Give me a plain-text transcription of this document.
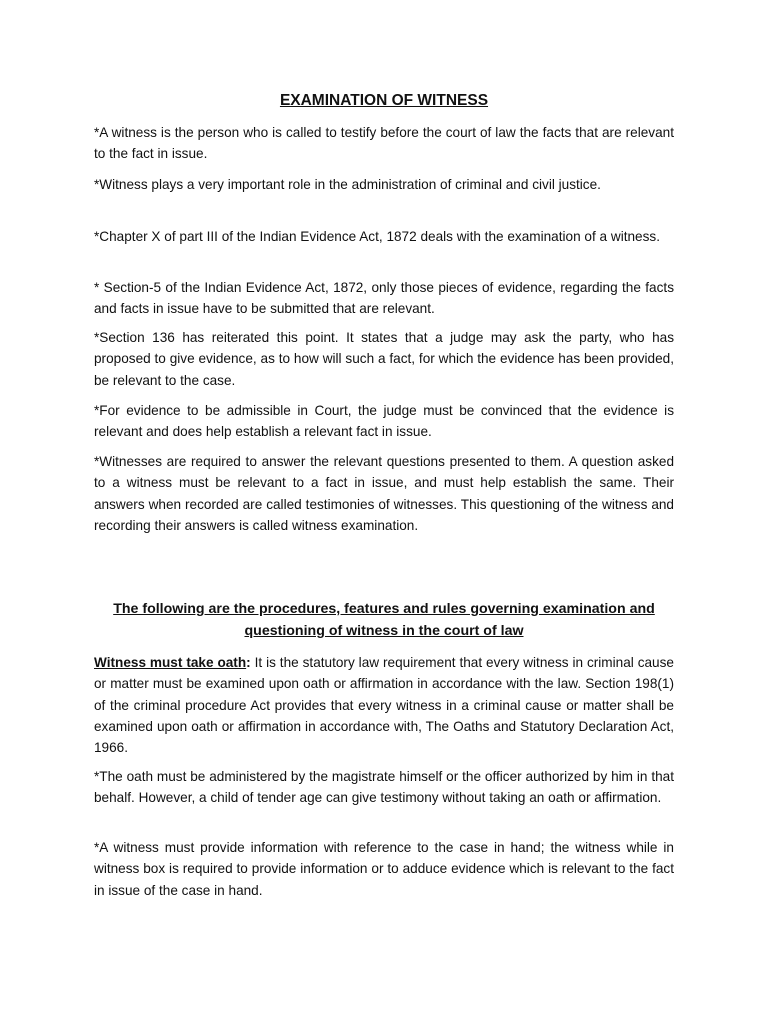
EXAMINATION OF WITNESS

*A witness is the person who is called to testify before the court of law the facts that are relevant to the fact in issue.

*Witness plays a very important role in the administration of criminal and civil justice.

*Chapter X of part III of the Indian Evidence Act, 1872 deals with the examination of a witness.

* Section-5 of the Indian Evidence Act, 1872, only those pieces of evidence, regarding the facts and facts in issue have to be submitted that are relevant.

*Section 136 has reiterated this point. It states that a judge may ask the party, who has proposed to give evidence, as to how will such a fact, for which the evidence has been provided, be relevant to the case.

*For evidence to be admissible in Court, the judge must be convinced that the evidence is relevant and does help establish a relevant fact in issue.

*Witnesses are required to answer the relevant questions presented to them. A question asked to a witness must be relevant to a fact in issue, and must help establish the same. Their answers when recorded are called testimonies of witnesses. This questioning of the witness and recording their answers is called witness examination.

The following are the procedures, features and rules governing examination and questioning of witness in the court of law

Witness must take oath: It is the statutory law requirement that every witness in criminal cause or matter must be examined upon oath or affirmation in accordance with the law. Section 198(1) of the criminal procedure Act provides that every witness in a criminal cause or matter shall be examined upon oath or affirmation in accordance with, The Oaths and Statutory Declaration Act, 1966.

*The oath must be administered by the magistrate himself or the officer authorized by him in that behalf. However, a child of tender age can give testimony without taking an oath or affirmation.

*A witness must provide information with reference to the case in hand; the witness while in witness box is required to provide information or to adduce evidence which is relevant to the fact in issue of the case in hand.
